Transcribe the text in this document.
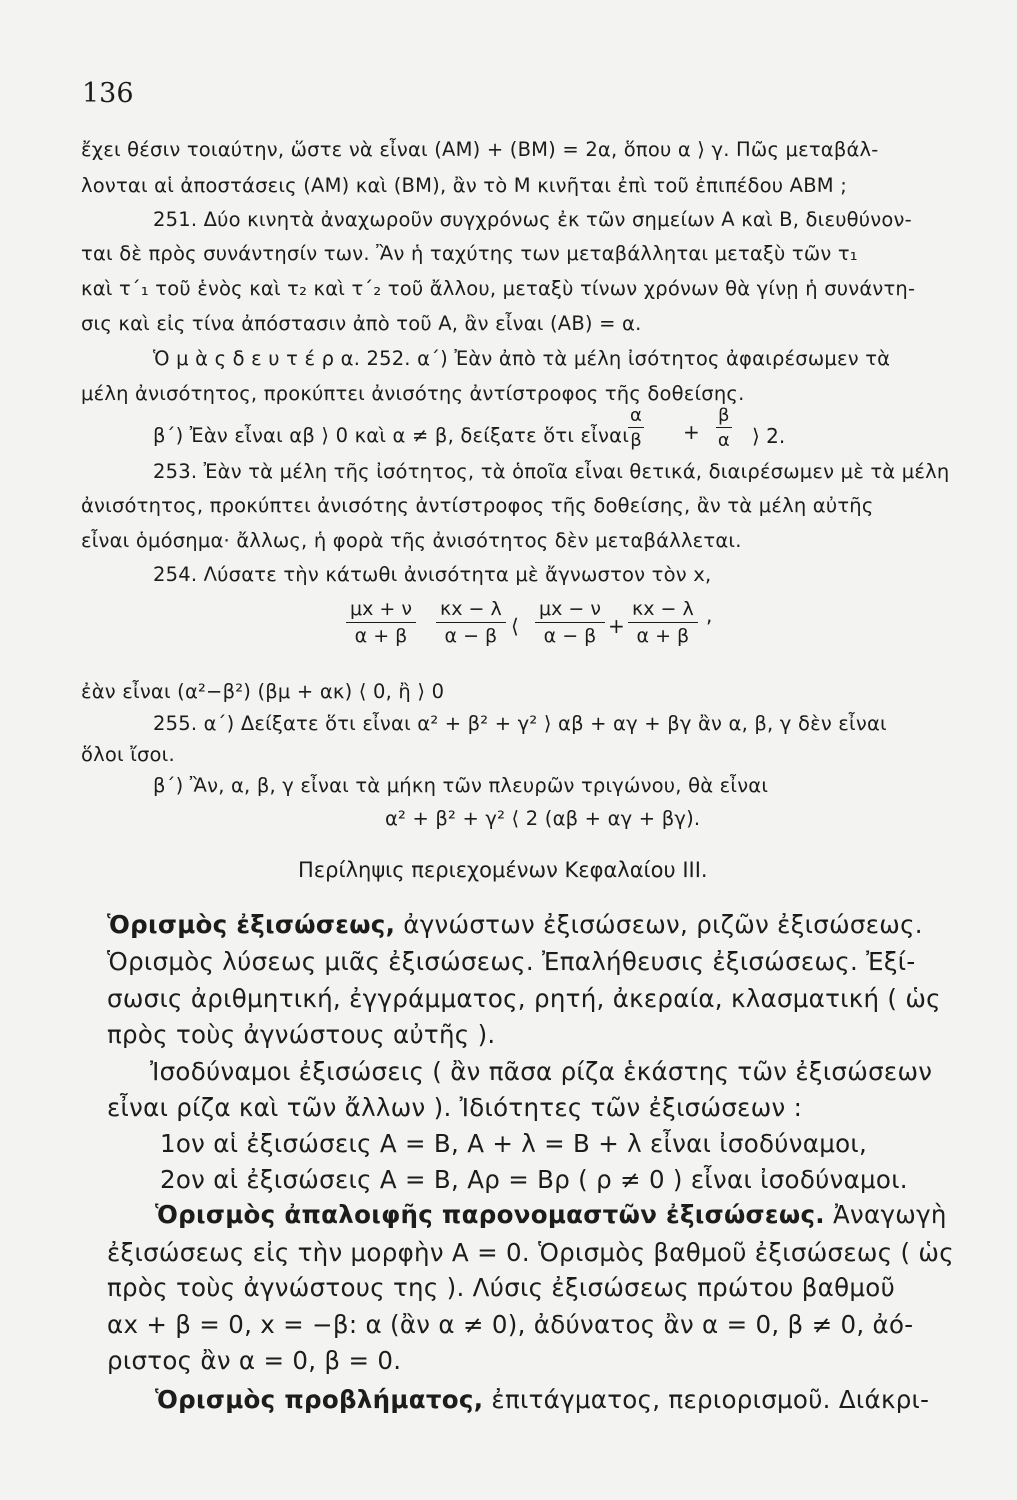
136
ἔχει θέσιν τοιαύτην, ὥστε νὰ εἶναι (ΑΜ) + (ΒΜ) = 2α, ὅπου α ⟩ γ. Πῶς μεταβάλ-
λονται αἱ ἀποστάσεις (ΑΜ) καὶ (ΒΜ), ἂν τὸ Μ κινῆται ἐπὶ τοῦ ἐπιπέδου ΑΒΜ ;
251. Δύο κινητὰ ἀναχωροῦν συγχρόνως ἐκ τῶν σημείων Α καὶ Β, διευθύνον-
ται δὲ πρὸς συνάντησίν των. Ἂν ἡ ταχύτης των μεταβάλληται μεταξὺ τῶν τ₁
καὶ τ΄₁ τοῦ ἑνὸς καὶ τ₂ καὶ τ΄₂ τοῦ ἄλλου, μεταξὺ τίνων χρόνων θὰ γίνῃ ἡ συνάντη-
σις καὶ εἰς τίνα ἀπόστασιν ἀπὸ τοῦ Α, ἂν εἶναι (ΑΒ) = α.
Ὁ μ ὰ ς δ ε υ τ έ ρ α. 252. α΄) Ἐὰν ἀπὸ τὰ μέλη ἰσότητος ἀφαιρέσωμεν τὰ
μέλη ἀνισότητος, προκύπτει ἀνισότης ἀντίστροφος τῆς δοθείσης.
β΄) Ἐὰν εἶναι αβ ⟩ 0 καὶ α ≠ β, δείξατε ὅτι εἶναι
$\frac{\alpha}{\beta} + \frac{\beta}{\alpha}$ ⟩ 2.
253. Ἐὰν τὰ μέλη τῆς ἰσότητος, τὰ ὁποῖα εἶναι θετικά, διαιρέσωμεν μὲ τὰ μέλη
ἀνισότητος, προκύπτει ἀνισότης ἀντίστροφος τῆς δοθείσης, ἂν τὰ μέλη αὐτῆς
εἶναι ὁμόσημα· ἄλλως, ἡ φορὰ τῆς ἀνισότητος δὲν μεταβάλλεται.
254. Λύσατε τὴν κάτωθι ἀνισότητα μὲ ἄγνωστον τὸν x,
$\frac{\mu x + \nu}{\alpha + \beta} \frac{\kappa x - \lambda}{\alpha - \beta}$ ⟨ $\frac{\mu x - \nu}{\alpha - \beta} + \frac{\kappa x - \lambda}{\alpha + \beta}$ ,
ἐὰν εἶναι (α²−β²) (βμ + ακ) ⟨ 0, ἢ ⟩ 0
255. α΄) Δείξατε ὅτι εἶναι α² + β² + γ² ⟩ αβ + αγ + βγ ἂν α, β, γ δὲν εἶναι
ὅλοι ἴσοι.
β΄) Ἂν, α, β, γ εἶναι τὰ μήκη τῶν πλευρῶν τριγώνου, θὰ εἶναι
α² + β² + γ² ⟨ 2 (αβ + αγ + βγ).
Περίληψις περιεχομένων Κεφαλαίου ΙΙΙ.
Ὁρισμὸς ἐξισώσεως, ἀγνώστων ἐξισώσεων, ριζῶν ἐξισώσεως.
Ὁρισμὸς λύσεως μιᾶς ἐξισώσεως. Ἐπαλήθευσις ἐξισώσεως. Ἐξί-
σωσις ἀριθμητική, ἐγγράμματος, ρητή, ἀκεραία, κλασματική ( ὡς
πρὸς τοὺς ἀγνώστους αὐτῆς ).
Ἰσοδύναμοι ἐξισώσεις ( ἂν πᾶσα ρίζα ἑκάστης τῶν ἐξισώσεων
εἶναι ρίζα καὶ τῶν ἄλλων ). Ἰδιότητες τῶν ἐξισώσεων :
1ον αἱ ἐξισώσεις Α = Β, Α + λ = Β + λ εἶναι ἰσοδύναμοι,
2ον αἱ ἐξισώσεις Α = Β, Αρ = Βρ ( ρ ≠ 0 ) εἶναι ἰσοδύναμοι.
Ὁρισμὸς ἀπαλοιφῆς παρονομαστῶν ἐξισώσεως. Ἀναγωγὴ
ἐξισώσεως εἰς τὴν μορφὴν Α = 0. Ὁρισμὸς βαθμοῦ ἐξισώσεως ( ὡς
πρὸς τοὺς ἀγνώστους της ). Λύσις ἐξισώσεως πρώτου βαθμοῦ
αx + β = 0, x = −β: α (ἂν α ≠ 0), ἀδύνατος ἂν α = 0, β ≠ 0, ἀό-
ριστος ἂν α = 0, β = 0.
Ὁρισμὸς προβλήματος, ἐπιτάγματος, περιορισμοῦ. Διάκρι-
